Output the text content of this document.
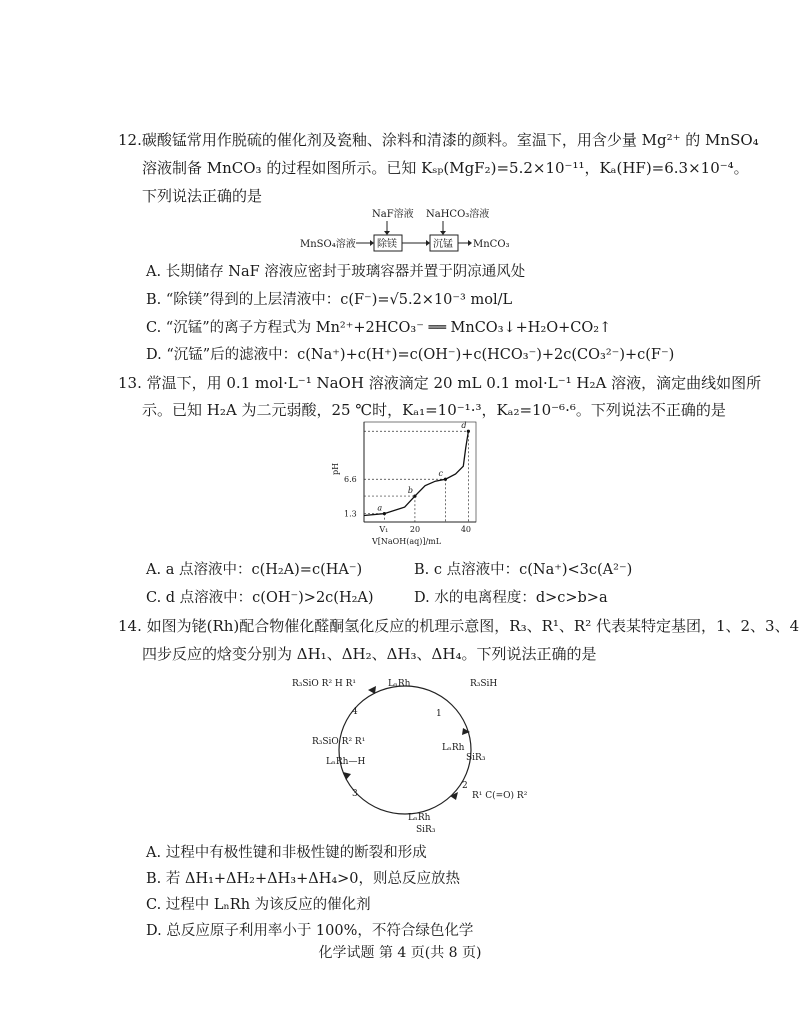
12.碳酸锰常用作脱硫的催化剂及瓷釉、涂料和清漆的颜料。室温下，用含少量 Mg²⁺ 的 MnSO₄
溶液制备 MnCO₃ 的过程如图所示。已知 Kₛₚ(MgF₂)=5.2×10⁻¹¹，Kₐ(HF)=6.3×10⁻⁴。
下列说法正确的是
NaF溶液 NaHCO₃溶液
MnSO₄溶液 除镁	沉锰 MnCO₃
A. 长期储存 NaF 溶液应密封于玻璃容器并置于阴凉通风处
B. “除镁”得到的上层清液中：c(F⁻)=√5.2×10⁻³ mol/L
C. “沉锰”的离子方程式为 Mn²⁺+2HCO₃⁻ ══ MnCO₃↓+H₂O+CO₂↑
D. “沉锰”后的滤液中：c(Na⁺)+c(H⁺)=c(OH⁻)+c(HCO₃⁻)+2c(CO₃²⁻)+c(F⁻)
13. 常温下，用 0.1 mol·L⁻¹ NaOH 溶液滴定 20 mL 0.1 mol·L⁻¹ H₂A 溶液，滴定曲线如图所
示。已知 H₂A 为二元弱酸，25 ℃时，Kₐ₁=10⁻¹·³，Kₐ₂=10⁻⁶·⁶。下列说法不正确的是
a
b
c
d
1.3
6.6
V₁	20	40
pH
V[NaOH(aq)]/mL
A. a 点溶液中：c(H₂A)=c(HA⁻)	B. c 点溶液中：c(Na⁺)<3c(A²⁻)
C. d 点溶液中：c(OH⁻)>2c(H₂A)	D. 水的电离程度：d>c>b>a
14. 如图为铑(Rh)配合物催化醛酮氢化反应的机理示意图，R₃、R¹、R² 代表某特定基团，1、2、3、4
四步反应的焓变分别为 ΔH₁、ΔH₂、ΔH₃、ΔH₄。下列说法正确的是
1
2
3
4
LₙRh	R₃SiH
LₙRh
SiR₃
R¹ C(=O) R²
LₙRh
SiR₃
R₃SiO R² R¹
LₙRh—H
R₃SiO R² H R¹
A. 过程中有极性键和非极性键的断裂和形成
B. 若 ΔH₁+ΔH₂+ΔH₃+ΔH₄>0，则总反应放热
C. 过程中 LₙRh 为该反应的催化剂
D. 总反应原子利用率小于 100%，不符合绿色化学
化学试题 第 4 页(共 8 页)
